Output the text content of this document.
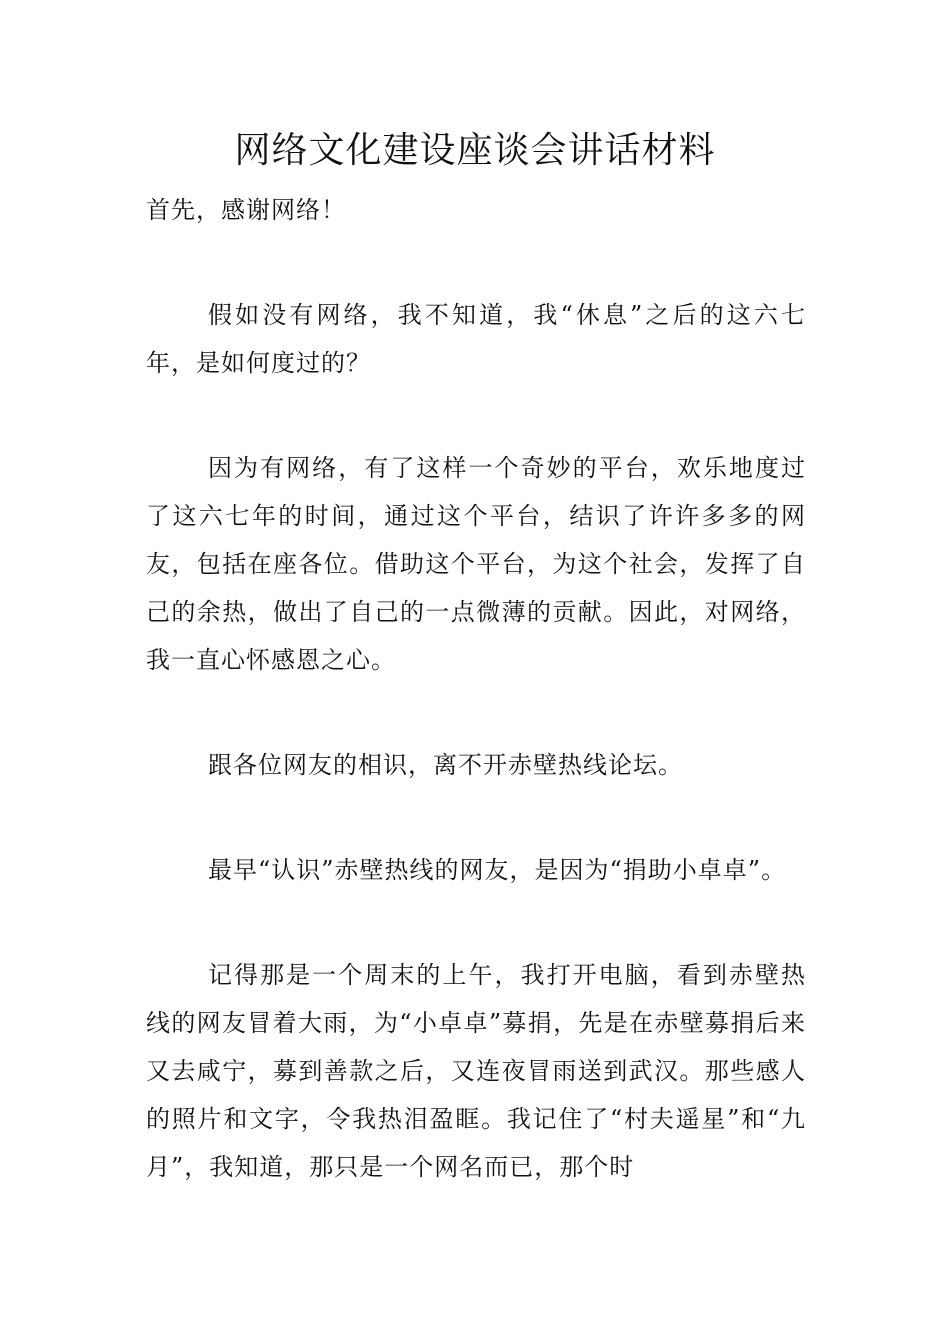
网络文化建设座谈会讲话材料

首先，感谢网络！

假如没有网络，我不知道，我“休息”之后的这六七年，是如何度过的？

因为有网络，有了这样一个奇妙的平台，欢乐地度过了这六七年的时间，通过这个平台，结识了许许多多的网友，包括在座各位。借助这个平台，为这个社会，发挥了自己的余热，做出了自己的一点微薄的贡献。因此，对网络，我一直心怀感恩之心。

跟各位网友的相识，离不开赤壁热线论坛。

最早“认识”赤壁热线的网友，是因为“捐助小卓卓”。

记得那是一个周末的上午，我打开电脑，看到赤壁热线的网友冒着大雨，为“小卓卓”募捐，先是在赤壁募捐后来又去咸宁，募到善款之后，又连夜冒雨送到武汉。那些感人的照片和文字，令我热泪盈眶。我记住了“村夫遥星”和“九月”，我知道，那只是一个网名而已，那个时
